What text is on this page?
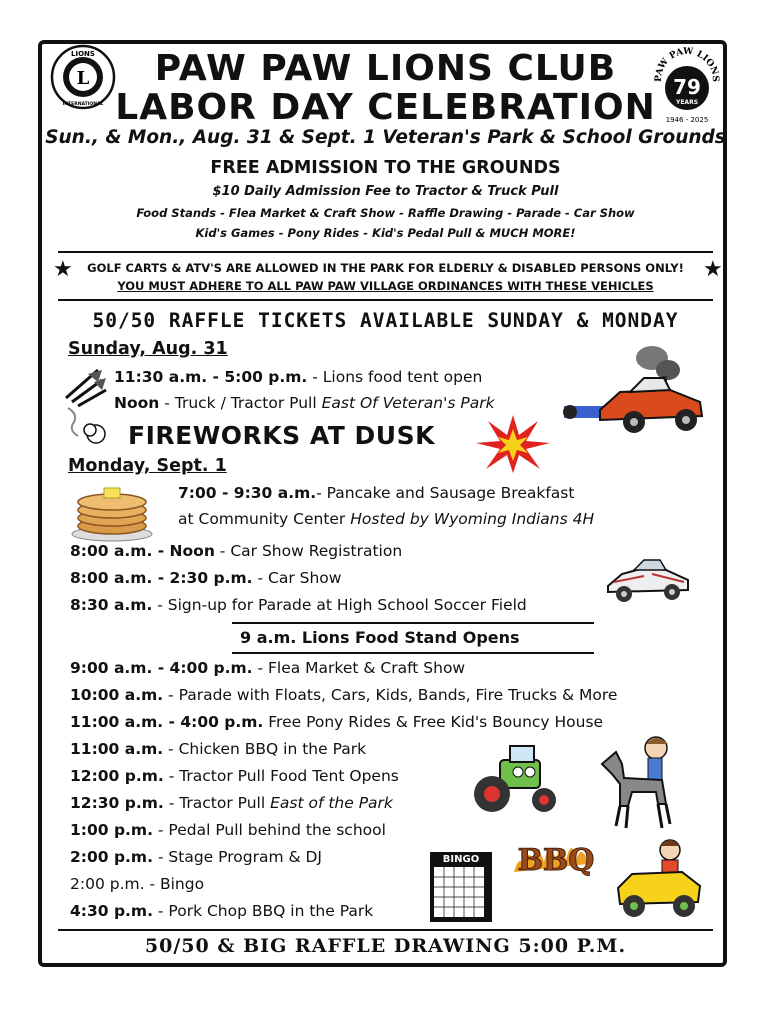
L
LIONS
INTERNATIONAL
PAW PAW LIONS
79
YEARS
1946 - 2025
PAW PAW LIONS CLUB
LABOR DAY CELEBRATION
Sun., & Mon., Aug. 31 & Sept. 1 Veteran's Park & School Grounds
FREE ADMISSION TO THE GROUNDS
$10 Daily Admission Fee to Tractor & Truck Pull
Food Stands - Flea Market & Craft Show - Raffle Drawing - Parade - Car Show
Kid's Games - Pony Rides - Kid's Pedal Pull & MUCH MORE!
★	★
GOLF CARTS & ATV'S ARE ALLOWED IN THE PARK FOR ELDERLY & DISABLED PERSONS ONLY!
YOU MUST ADHERE TO ALL PAW PAW VILLAGE ORDINANCES WITH THESE VEHICLES
50/50 RAFFLE TICKETS AVAILABLE SUNDAY & MONDAY
Sunday, Aug. 31
11:30 a.m. - 5:00 p.m. - Lions food tent open
Noon - Truck / Tractor Pull East Of Veteran's Park
FIREWORKS AT DUSK
Monday, Sept. 1
7:00 - 9:30 a.m.- Pancake and Sausage Breakfast
at Community Center Hosted by Wyoming Indians 4H
8:00 a.m. - Noon - Car Show Registration
8:00 a.m. - 2:30 p.m. - Car Show
8:30 a.m. - Sign-up for Parade at High School Soccer Field
9 a.m. Lions Food Stand Opens
9:00 a.m. - 4:00 p.m. - Flea Market & Craft Show
10:00 a.m. - Parade with Floats, Cars, Kids, Bands, Fire Trucks & More
11:00 a.m. - 4:00 p.m. Free Pony Rides & Free Kid's Bouncy House
11:00 a.m. - Chicken BBQ in the Park
12:00 p.m. - Tractor Pull Food Tent Opens
12:30 p.m. - Tractor Pull East of the Park
1:00 p.m. - Pedal Pull behind the school
2:00 p.m. - Stage Program & DJ
2:00 p.m. - Bingo
4:30 p.m. - Pork Chop BBQ in the Park
BINGO	BBQ
50/50 & BIG RAFFLE DRAWING 5:00 P.M.
